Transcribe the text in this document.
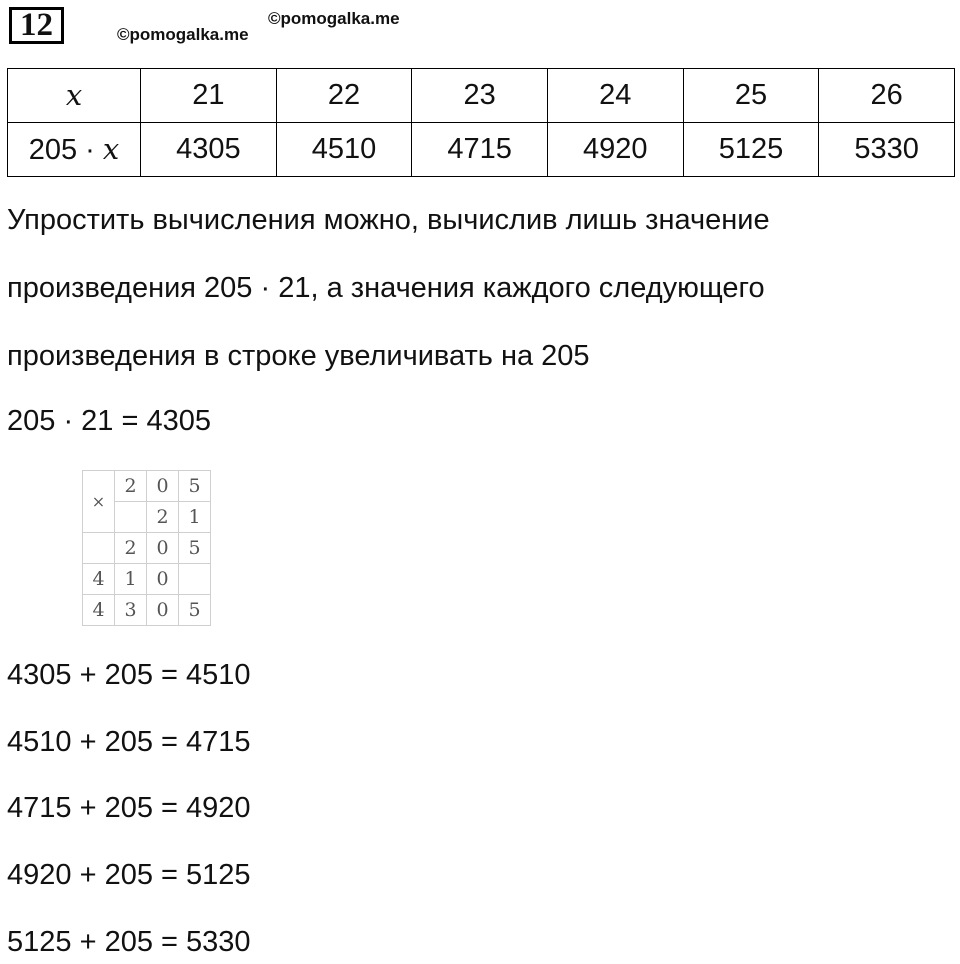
12	©pomogalka.me
©pomogalka.me
x	21	22	23	24	25	26
205 · x	4305	4510	4715	4920	5125	5330
Упростить вычисления можно, вычислив лишь значение
произведения 205 · 21, а значения каждого следующего
произведения в строке увеличивать на 205
205 · 21 = 4305
×	2	0	5
		2	1
	2	0	5
4	1	0	
4	3	0	5
4305 + 205 = 4510
4510 + 205 = 4715
4715 + 205 = 4920
4920 + 205 = 5125
5125 + 205 = 5330
